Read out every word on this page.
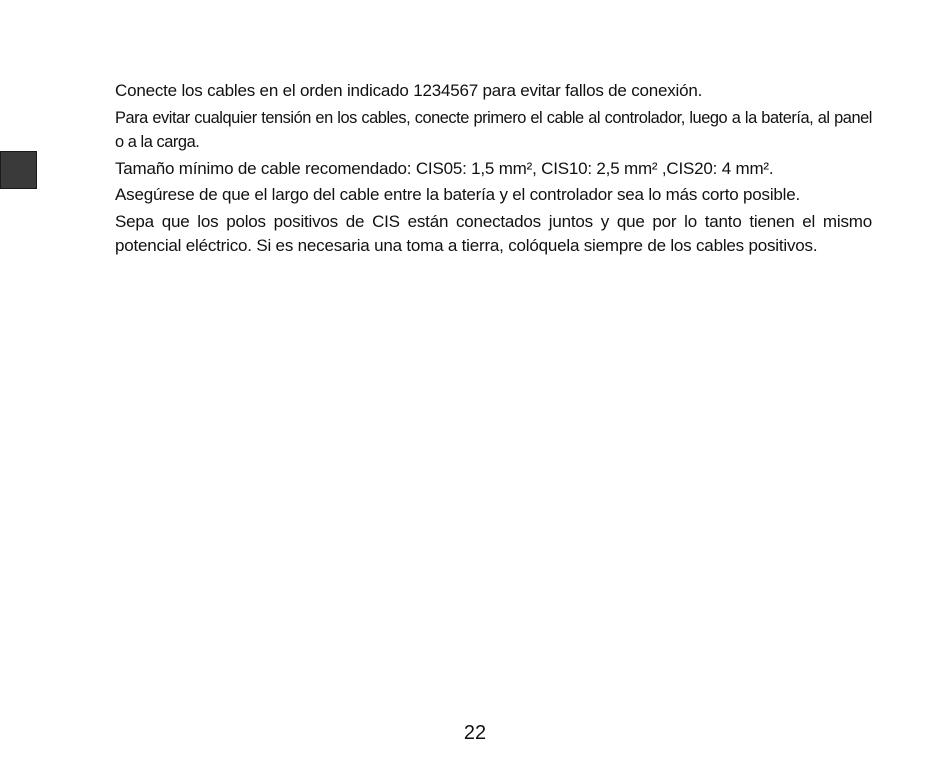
Conecte los cables en el orden indicado 1234567 para evitar fallos de conexión.

Para evitar cualquier tensión en los cables, conecte primero el cable al controlador, luego a la batería, al panel o a la carga.

Tamaño mínimo de cable recomendado: CIS05: 1,5 mm², CIS10: 2,5 mm² ,CIS20: 4 mm².

Asegúrese de que el largo del cable entre la batería y el controlador sea lo más corto posible.

Sepa que los polos positivos de CIS están conectados juntos y que por lo tanto tienen el mismo potencial eléctrico. Si es necesaria una toma a tierra, colóquela siempre de los cables positivos.

22
